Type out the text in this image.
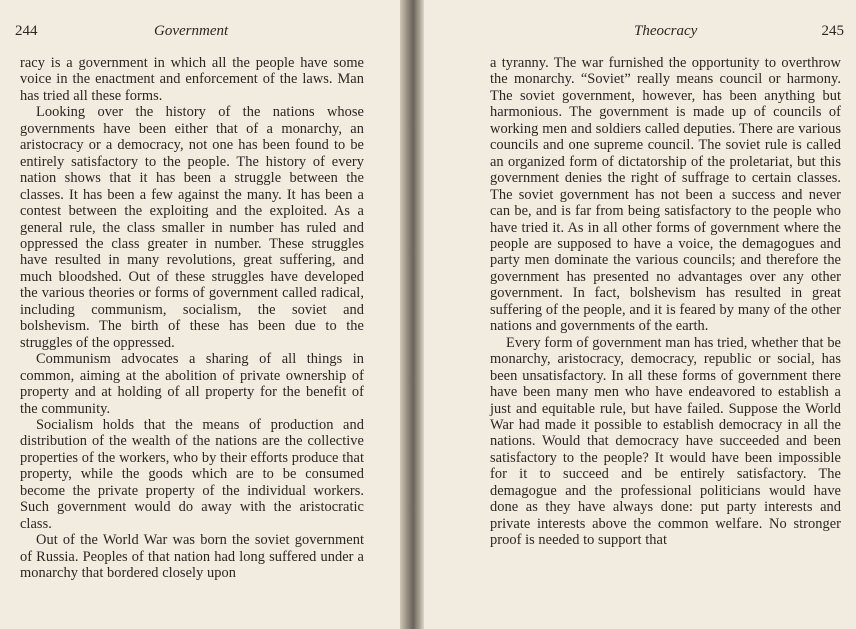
244	Government

racy is a government in which all the people have some voice in the enactment and enforcement of the laws. Man has tried all these forms.

Looking over the history of the nations whose governments have been either that of a monarchy, an aristocracy or a democracy, not one has been found to be entirely satisfactory to the people. The history of every nation shows that it has been a struggle between the classes. It has been a few against the many. It has been a contest between the exploiting and the exploited. As a general rule, the class smaller in number has ruled and oppressed the class greater in number. These struggles have resulted in many revolutions, great suffering, and much bloodshed. Out of these struggles have developed the various theories or forms of government called radical, including communism, socialism, the soviet and bolshevism. The birth of these has been due to the struggles of the oppressed.

Communism advocates a sharing of all things in common, aiming at the abolition of private ownership of property and at holding of all property for the benefit of the community.

Socialism holds that the means of production and distribution of the wealth of the nations are the collective properties of the workers, who by their efforts produce that property, while the goods which are to be consumed become the private property of the individual workers. Such government would do away with the aristocratic class.

Out of the World War was born the soviet government of Russia. Peoples of that nation had long suffered under a monarchy that bordered closely upon

Theocracy	245

a tyranny. The war furnished the opportunity to overthrow the monarchy. “Soviet” really means council or harmony. The soviet government, however, has been anything but harmonious. The government is made up of councils of working men and soldiers called deputies. There are various councils and one supreme council. The soviet rule is called an organized form of dictatorship of the proletariat, but this government denies the right of suffrage to certain classes. The soviet government has not been a success and never can be, and is far from being satisfactory to the people who have tried it. As in all other forms of government where the people are supposed to have a voice, the demagogues and party men dominate the various councils; and therefore the government has presented no advantages over any other government. In fact, bolshevism has resulted in great suffering of the people, and it is feared by many of the other nations and governments of the earth.

Every form of government man has tried, whether that be monarchy, aristocracy, democracy, republic or social, has been unsatisfactory. In all these forms of government there have been many men who have endeavored to establish a just and equitable rule, but have failed. Suppose the World War had made it possible to establish democracy in all the nations. Would that democracy have succeeded and been satisfactory to the people? It would have been impossible for it to succeed and be entirely satisfactory. The demagogue and the professional politicians would have done as they have always done: put party interests and private interests above the common welfare. No stronger proof is needed to support that
